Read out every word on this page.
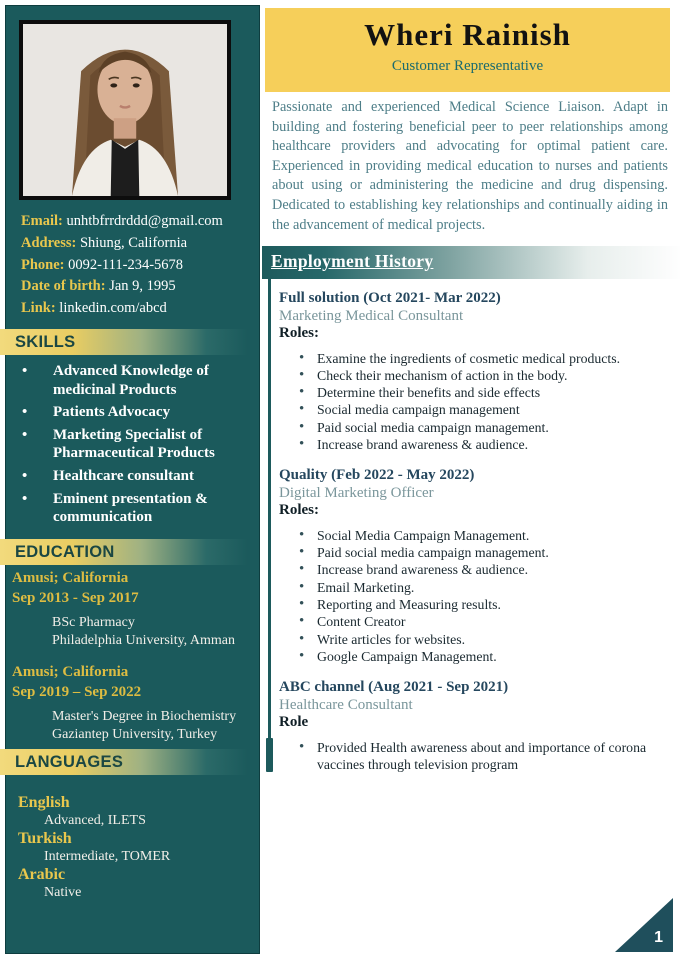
Email: unhtbfrrdrddd@gmail.com
Address: Shiung, California
Phone: 0092-111-234-5678
Date of birth: Jan 9, 1995
Link: linkedin.com/abcd
SKILLS
• Advanced Knowledge of medicinal Products
• Patients Advocacy
• Marketing Specialist of Pharmaceutical Products
• Healthcare consultant
• Eminent presentation & communication
EDUCATION
Amusi; California
Sep 2013 - Sep 2017
BSc Pharmacy
Philadelphia University, Amman
Amusi; California
Sep 2019 – Sep 2022
Master's Degree in Biochemistry
Gaziantep University, Turkey
LANGUAGES
English
Advanced, ILETS
Turkish
Intermediate, TOMER
Arabic
Native
Wheri Rainish
Customer Representative

Passionate and experienced Medical Science Liaison. Adapt in building and fostering beneficial peer to peer relationships among healthcare providers and advocating for optimal patient care. Experienced in providing medical education to nurses and patients about using or administering the medicine and drug dispensing. Dedicated to establishing key relationships and continually aiding in the advancement of medical projects.

Employment History
Full solution (Oct 2021- Mar 2022)
Marketing Medical Consultant
Roles:
• Examine the ingredients of cosmetic medical products.
• Check their mechanism of action in the body.
• Determine their benefits and side effects
• Social media campaign management
• Paid social media campaign management.
• Increase brand awareness & audience.
Quality (Feb 2022 - May 2022)
Digital Marketing Officer
Roles:
• Social Media Campaign Management.
• Paid social media campaign management.
• Increase brand awareness & audience.
• Email Marketing.
• Reporting and Measuring results.
• Content Creator
• Write articles for websites.
• Google Campaign Management.
ABC channel (Aug 2021 - Sep 2021)
Healthcare Consultant
Role
• Provided Health awareness about and importance of corona vaccines through television program
1
